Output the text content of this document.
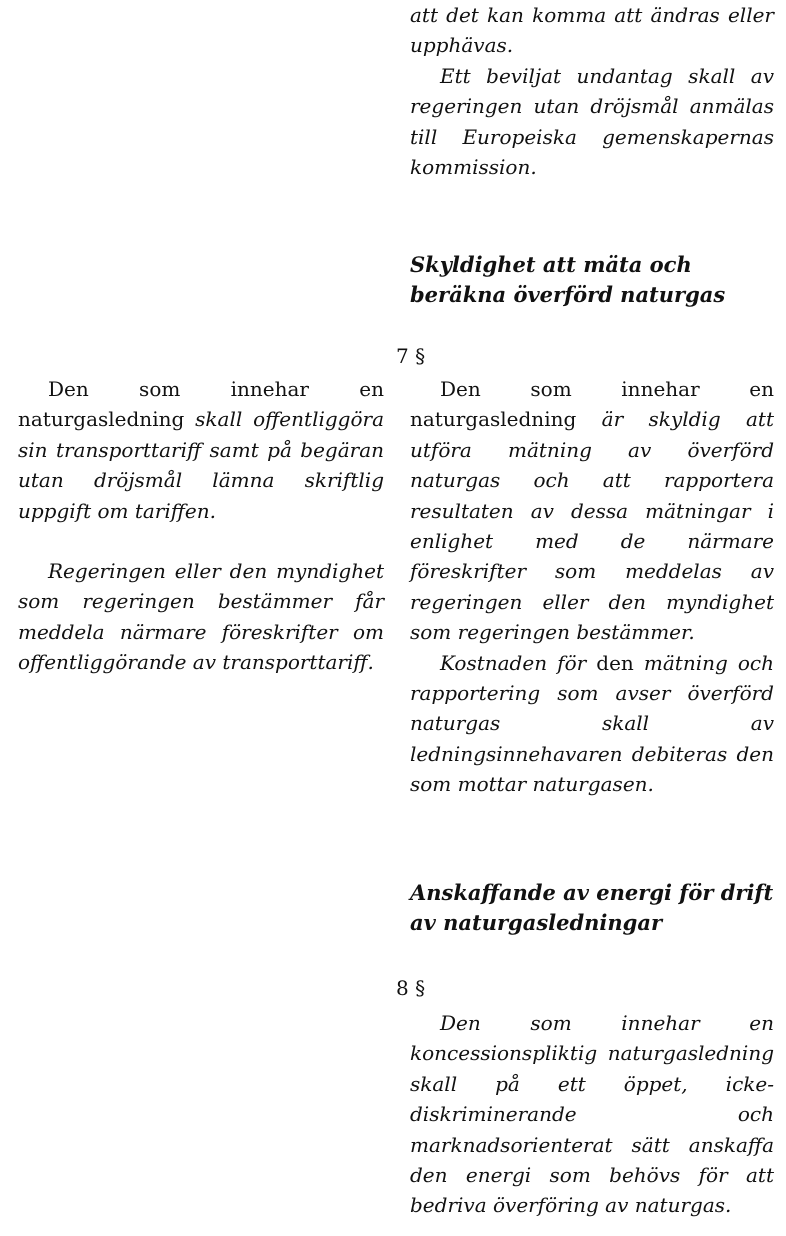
att det kan komma att ändras eller upphävas.

Ett beviljat undantag skall av regeringen utan dröjsmål anmälas till Europeiska gemenskapernas kommission.

Skyldighet att mäta och beräkna överförd naturgas

7 §

Den som innehar en naturgasledning skall offentliggöra sin transporttariff samt på begäran utan dröjsmål lämna skriftlig uppgift om tariffen.

Regeringen eller den myndighet som regeringen bestämmer får meddela närmare föreskrifter om offentliggörande av transporttariff.

Den som innehar en naturgasledning är skyldig att utföra mätning av överförd naturgas och att rapportera resultaten av dessa mätningar i enlighet med de närmare föreskrifter som meddelas av regeringen eller den myndighet som regeringen bestämmer.

Kostnaden för den mätning och rapportering som avser överförd naturgas skall av ledningsinnehavaren debiteras den som mottar naturgasen.

Anskaffande av energi för drift av naturgasledningar

8 §

Den som innehar en koncessionspliktig naturgasledning skall på ett öppet, icke-diskriminerande och marknadsorienterat sätt anskaffa den energi som behövs för att bedriva överföring av naturgas.
